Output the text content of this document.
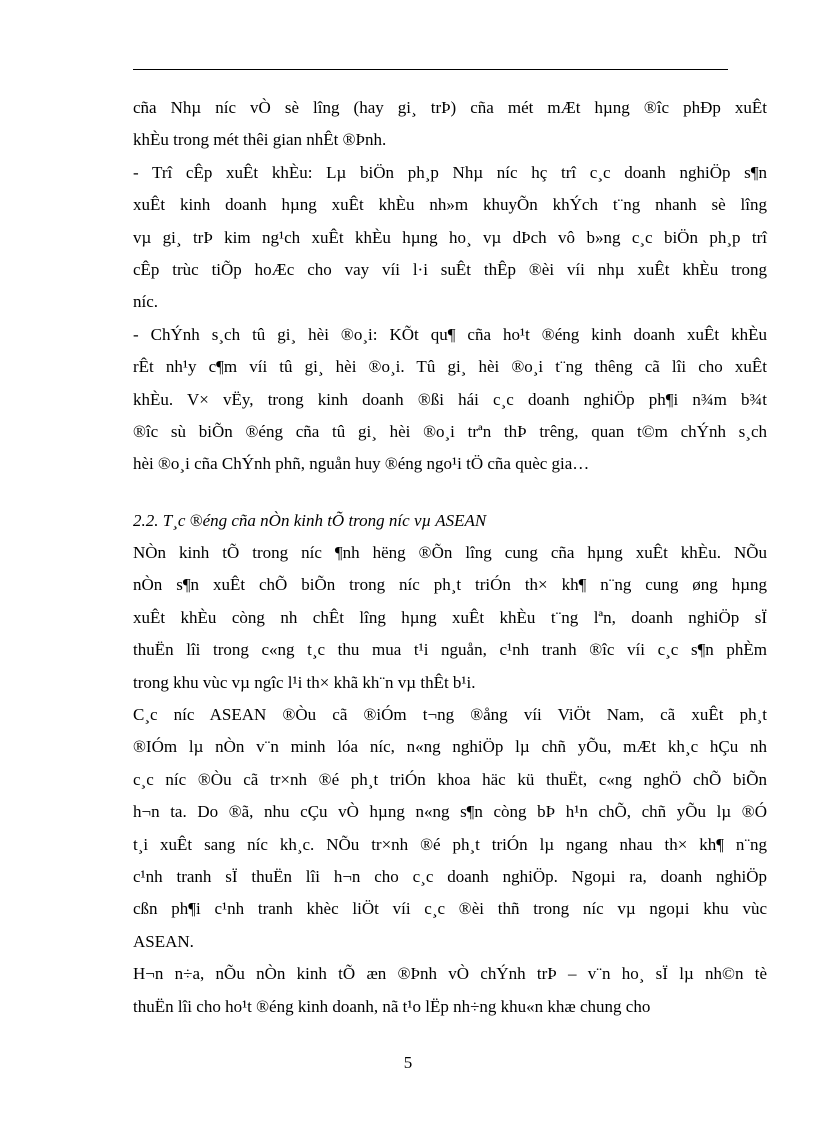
cña Nhµ níc vÒ sè lîng (hay gi¸ trÞ) cña mét mÆt hµng ®îc phÐp xuÊt
khÈu trong mét thêi gian nhÊt ®Þnh.
- Trî cÊp xuÊt khÈu: Lµ biÖn ph¸p Nhµ níc hç trî c¸c doanh nghiÖp s¶n
xuÊt kinh doanh hµng xuÊt khÈu nh»m khuyÕn khÝch t¨ng nhanh sè lîng
vµ gi¸ trÞ kim ng¹ch xuÊt khÈu hµng ho¸ vµ dÞch vô b»ng c¸c biÖn ph¸p trî
cÊp trùc tiÕp hoÆc cho vay víi l·i suÊt thÊp ®èi víi nhµ xuÊt khÈu trong
níc.
- ChÝnh s¸ch tû gi¸ hèi ®o¸i: KÕt qu¶ cña ho¹t ®éng kinh doanh xuÊt khÈu
rÊt nh¹y c¶m víi tû gi¸ hèi ®o¸i. Tû gi¸ hèi ®o¸i t¨ng thêng cã lîi cho xuÊt
khÈu. V× vËy, trong kinh doanh ®ßi hái c¸c doanh nghiÖp ph¶i n¾m b¾t
®îc sù biÕn ®éng cña tû gi¸ hèi ®o¸i trªn thÞ trêng, quan t©m chÝnh s¸ch
hèi ®o¸i cña ChÝnh phñ, nguån huy ®éng ngo¹i tÖ cña quèc gia…
2.2. T¸c ®éng cña nÒn kinh tÕ trong níc vµ ASEAN
NÒn kinh tÕ trong níc ¶nh hëng ®Õn lîng cung cña hµng xuÊt khÈu. NÕu
nÒn s¶n xuÊt chÕ biÕn trong níc ph¸t triÓn th× kh¶ n¨ng cung øng hµng
xuÊt khÈu còng nh chÊt lîng hµng xuÊt khÈu t¨ng lªn, doanh nghiÖp sÏ
thuËn lîi trong c«ng t¸c thu mua t¹i nguån, c¹nh tranh ®îc víi c¸c s¶n phÈm
trong khu vùc vµ ngîc l¹i th× khã kh¨n vµ thÊt b¹i.
C¸c níc ASEAN ®Òu cã ®iÓm t¬ng ®ång víi ViÖt Nam, cã xuÊt ph¸t
®IÓm lµ nÒn v¨n minh lóa níc, n«ng nghiÖp lµ chñ yÕu, mÆt kh¸c hÇu nh
c¸c níc ®Òu cã tr×nh ®é ph¸t triÓn khoa häc kü thuËt, c«ng nghÖ chÕ biÕn
h¬n ta. Do ®ã, nhu cÇu vÒ hµng n«ng s¶n còng bÞ h¹n chÕ, chñ yÕu lµ ®Ó
t¸i xuÊt sang níc kh¸c. NÕu tr×nh ®é ph¸t triÓn lµ ngang nhau th× kh¶ n¨ng
c¹nh tranh sÏ thuËn lîi h¬n cho c¸c doanh nghiÖp. Ngoµi ra, doanh nghiÖp
cßn ph¶i c¹nh tranh khèc liÖt víi c¸c ®èi thñ trong níc vµ ngoµi khu vùc
ASEAN.
H¬n n÷a, nÕu nÒn kinh tÕ æn ®Þnh vÒ chÝnh trÞ – v¨n ho¸ sÏ lµ nh©n tè
thuËn lîi cho ho¹t ®éng kinh doanh, nã t¹o lËp nh÷ng khu«n khæ chung cho
5
